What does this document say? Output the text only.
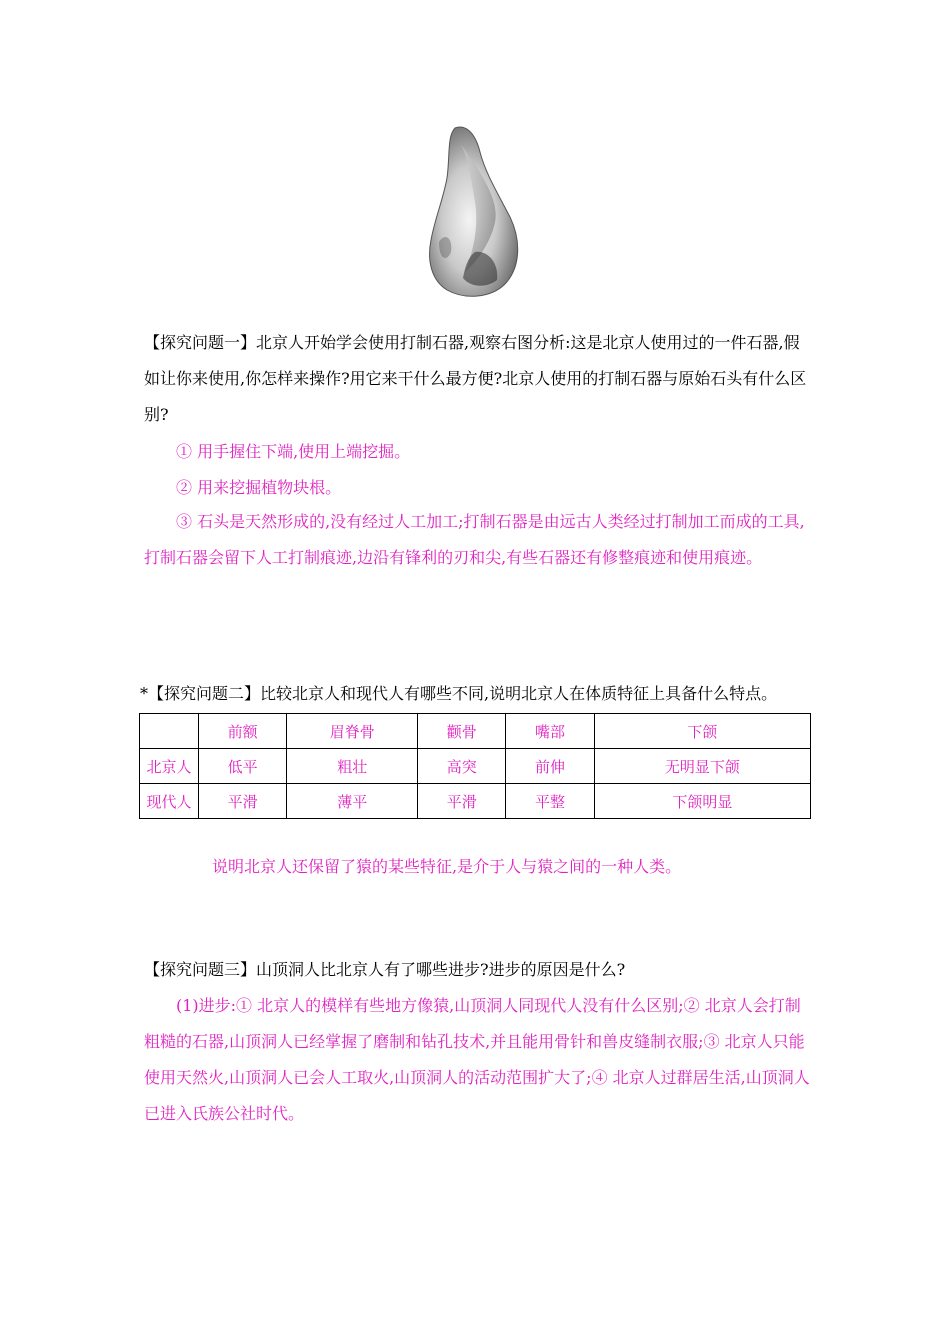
【探究问题一】北京人开始学会使用打制石器,观察右图分析:这是北京人使用过的一件石器,假如让你来使用,你怎样来操作?用它来干什么最方便?北京人使用的打制石器与原始石头有什么区别?

① 用手握住下端,使用上端挖掘。

② 用来挖掘植物块根。

③ 石头是天然形成的,没有经过人工加工;打制石器是由远古人类经过打制加工而成的工具,打制石器会留下人工打制痕迹,边沿有锋利的刃和尖,有些石器还有修整痕迹和使用痕迹。

*【探究问题二】比较北京人和现代人有哪些不同,说明北京人在体质特征上具备什么特点。

	前额	眉脊骨	颧骨	嘴部	下颌
北京人	低平	粗壮	高突	前伸	无明显下颌
现代人	平滑	薄平	平滑	平整	下颌明显

说明北京人还保留了猿的某些特征,是介于人与猿之间的一种人类。

【探究问题三】山顶洞人比北京人有了哪些进步?进步的原因是什么?

(1)进步:① 北京人的模样有些地方像猿,山顶洞人同现代人没有什么区别;② 北京人会打制粗糙的石器,山顶洞人已经掌握了磨制和钻孔技术,并且能用骨针和兽皮缝制衣服;③ 北京人只能使用天然火,山顶洞人已会人工取火,山顶洞人的活动范围扩大了;④ 北京人过群居生活,山顶洞人已进入氏族公社时代。
